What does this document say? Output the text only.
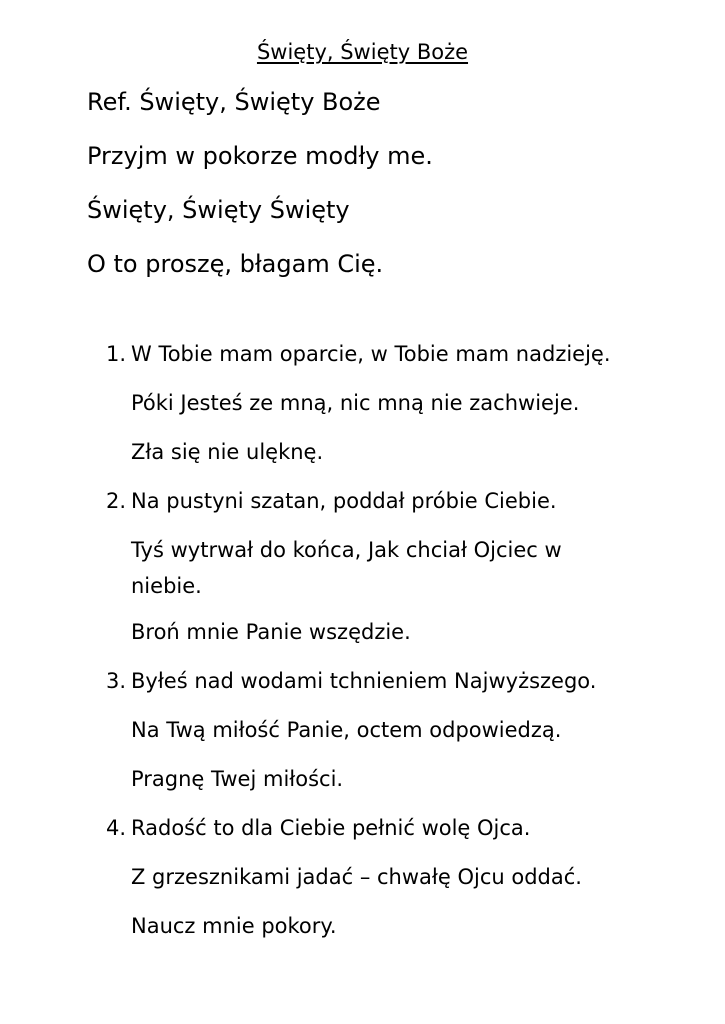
Święty, Święty Boże
Ref. Święty, Święty Boże
Przyjm w pokorze modły me.
Święty, Święty Święty
O to proszę, błagam Cię.
1. W Tobie mam oparcie, w Tobie mam nadzieję.
Póki Jesteś ze mną, nic mną nie zachwieje.
Zła się nie ulęknę.
2. Na pustyni szatan, poddał próbie Ciebie.
Tyś wytrwał do końca, Jak chciał Ojciec w niebie.
Broń mnie Panie wszędzie.
3. Byłeś nad wodami tchnieniem Najwyższego.
Na Twą miłość Panie, octem odpowiedzą.
Pragnę Twej miłości.
4. Radość to dla Ciebie pełnić wolę Ojca.
Z grzesznikami jadać – chwałę Ojcu oddać.
Naucz mnie pokory.
